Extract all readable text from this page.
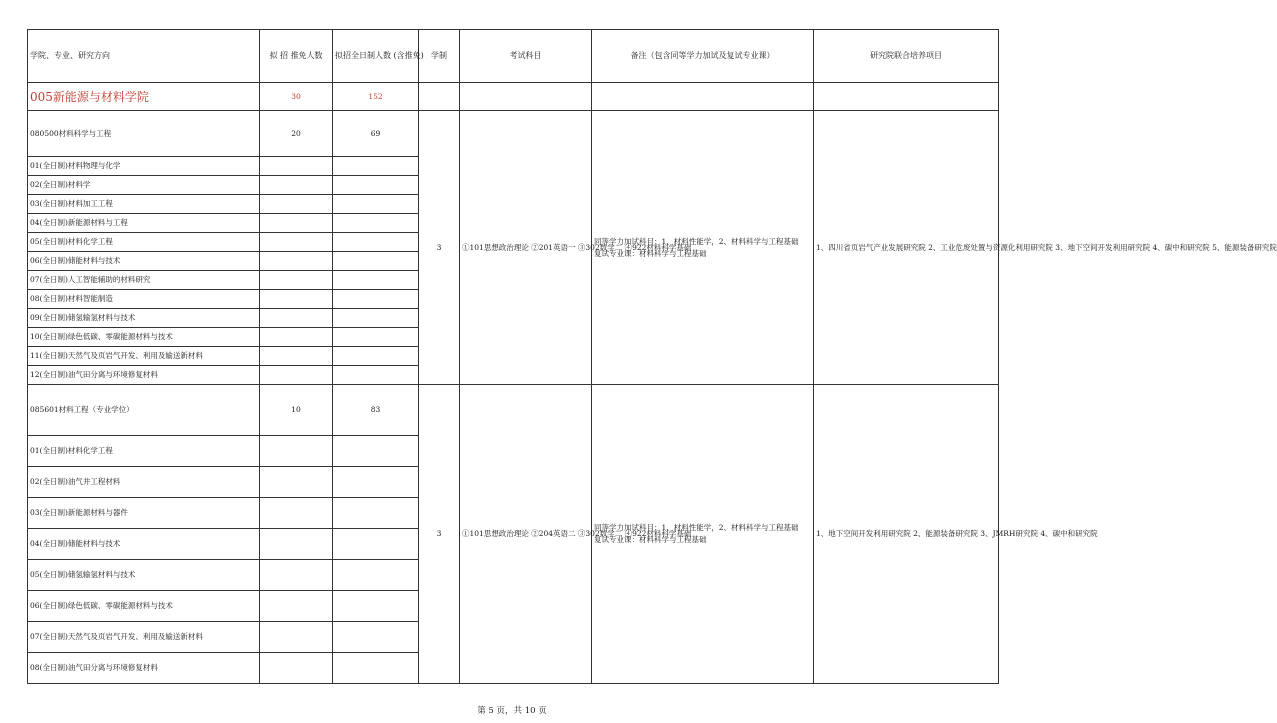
学院、专业、研究方向	拟 招 推免人数	拟招全日制人数 (含推免)	学制	考试科目	备注（包含同等学力加试及复试专业课）	研究院联合培养项目
005新能源与材料学院	30	152				
080500材料科学与工程	20	69	3	①101思想政治理论 ②201英语一 ③302数学二 ④922材料科学基础	同等学力加试科目：1、材料性能学，2、材料科学与工程基础
复试专业课：材料科学与工程基础	1、四川省页岩气产业发展研究院 2、工业危废处置与资源化利用研究院 3、地下空间开发利用研究院 4、碳中和研究院 5、能源装备研究院
01(全日制)材料物理与化学						
02(全日制)材料学						
03(全日制)材料加工工程						
04(全日制)新能源材料与工程						
05(全日制)材料化学工程						
06(全日制)储能材料与技术						
07(全日制)人工智能辅助的材料研究						
08(全日制)材料智能制造						
09(全日制)储氢输氢材料与技术						
10(全日制)绿色低碳、零碳能源材料与技术						
11(全日制)天然气及页岩气开发、利用及输送新材料						
12(全日制)油气田分离与环境修复材料						
085601材料工程（专业学位）	10	83	3	①101思想政治理论 ②204英语二 ③302数学二 ④922材料科学基础	同等学力加试科目：1、材料性能学，2、材料科学与工程基础
复试专业课：材料科学与工程基础	1、地下空间开发利用研究院 2、能源装备研究院 3、JMRH研究院 4、碳中和研究院
01(全日制)材料化学工程						
02(全日制)油气井工程材料						
03(全日制)新能源材料与器件						
04(全日制)储能材料与技术						
05(全日制)储氢输氢材料与技术						
06(全日制)绿色低碳、零碳能源材料与技术						
07(全日制)天然气及页岩气开发、利用及输送新材料						
08(全日制)油气田分离与环境修复材料						
第 5 页，共 10 页
